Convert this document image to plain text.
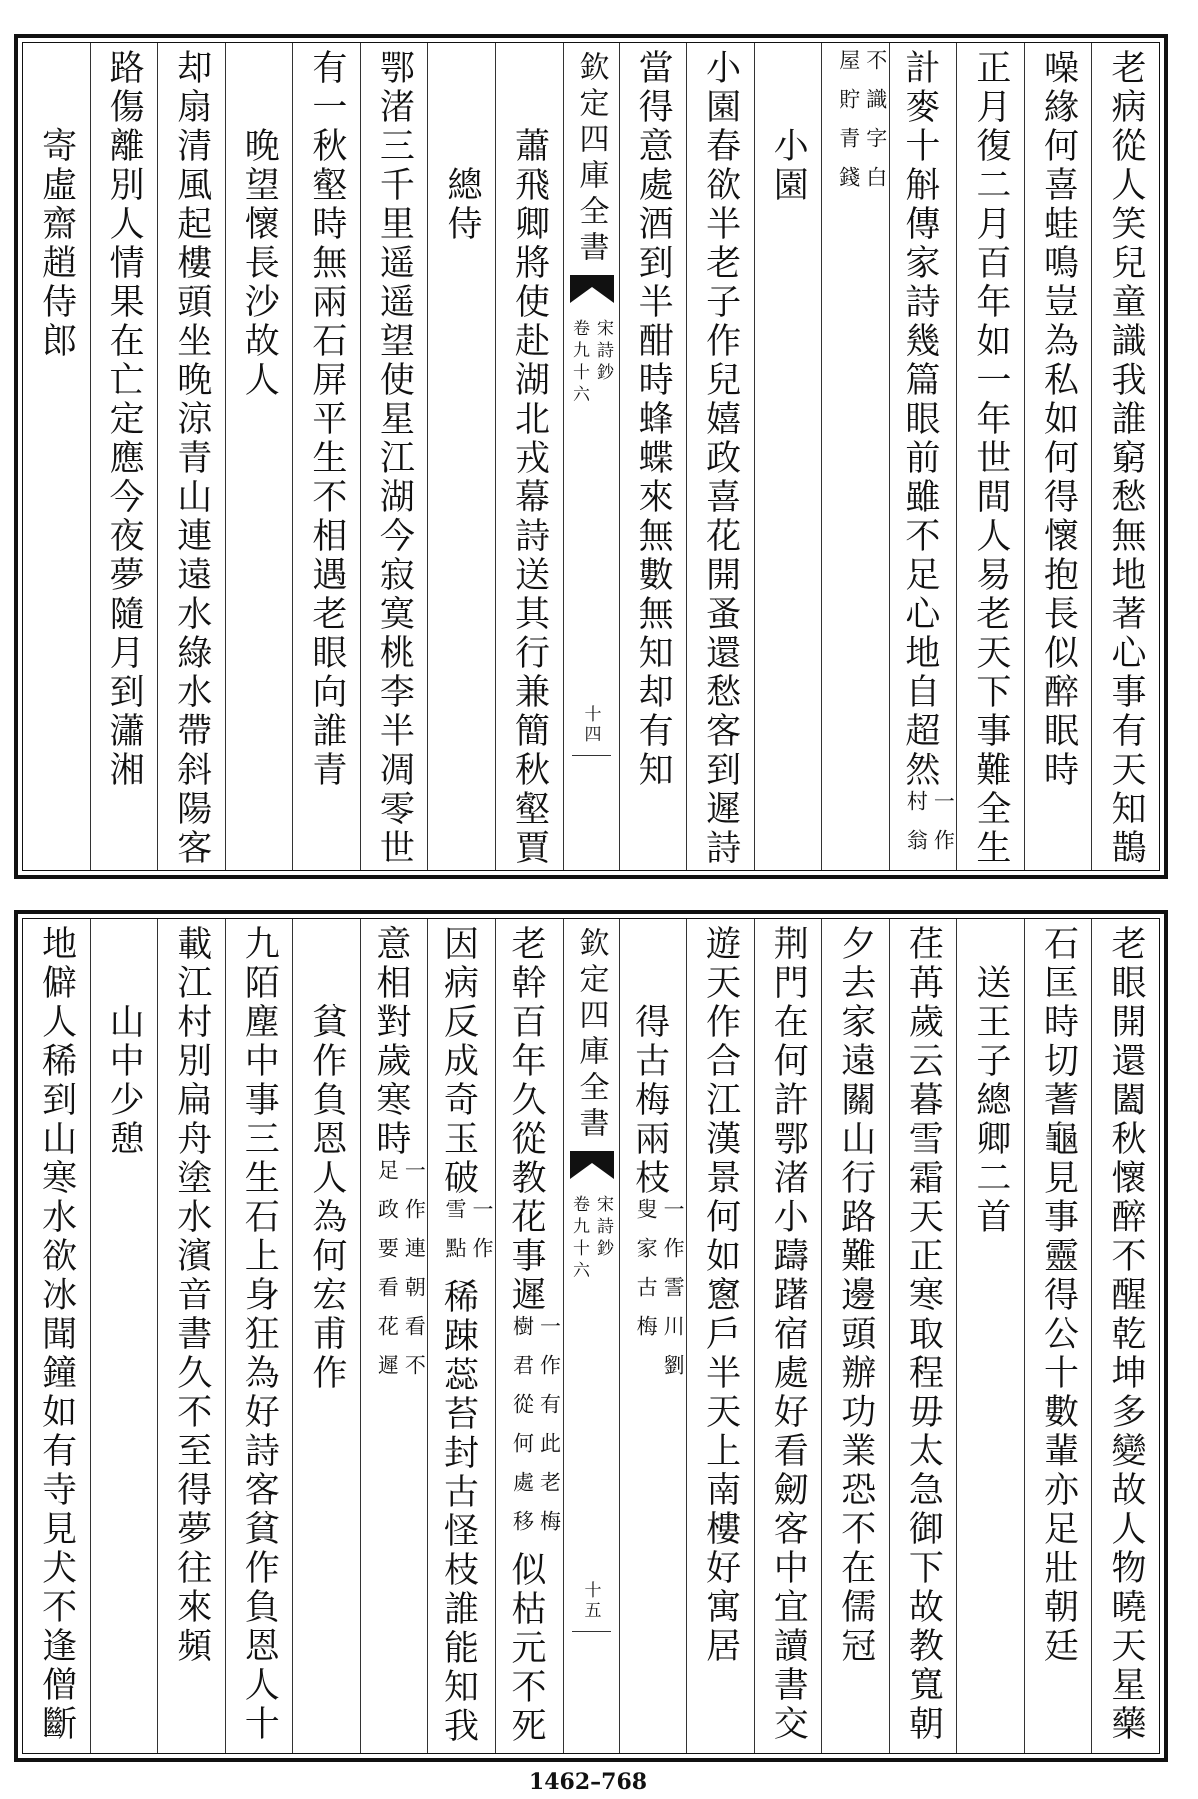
老病從人笑兒童識我誰窮愁無地著心事有天知鵲
噪緣何喜蛙鳴豈為私如何得懷抱長似醉眠時
正月復二月百年如一年世間人易老天下事難全生
計麥十斛傳家詩幾篇眼前雖不足心地自超然一作村翁
不識字白屋貯青錢
小園
小園春欲半老子作兒嬉政喜花開蚤還愁客到遲詩
當得意處酒到半酣時蜂蝶來無數無知却有知
欽定四庫全書
宋詩鈔
卷九十六
十四
蕭飛卿將使赴湖北戎幕詩送其行兼簡秋壑賈
總侍
鄂渚三千里遥遥望使星江湖今寂寞桃李半凋零世
有一秋壑時無兩石屏平生不相遇老眼向誰青
晚望懷長沙故人
却扇清風起樓頭坐晚涼青山連遠水綠水帶斜陽客
路傷離別人情果在亡定應今夜夢隨月到瀟湘
寄虛齋趙侍郎
老眼開還闔秋懷醉不醒乾坤多變故人物曉天星藥
石匡時切蓍龜見事靈得公十數輩亦足壯朝廷
送王子總卿二首
荏苒歲云暮雪霜天正寒取程毋太急御下故教寬朝
夕去家遠關山行路難邊頭辦功業恐不在儒冠
荆門在何許鄂渚小躊躇宿處好看劒客中宜讀書交
遊天作合江漢景何如窻戶半天上南樓好寓居
得古梅兩枝一作霅川劉叟家古梅
欽定四庫全書
宋詩鈔
卷九十六
十五
老幹百年久從教花事遲一作有此老梅樹君從何處移似枯元不死
因病反成奇玉破一作雪點稀踈蕊苔封古怪枝誰能知我
意相對歲寒時一作連朝看不足政要看花遲
貧作負恩人為何宏甫作
九陌塵中事三生石上身狂為好詩客貧作負恩人十
載江村別扁舟塗水濱音書久不至得夢往來頻
山中少憩
地僻人稀到山寒水欲冰聞鐘如有寺見犬不逢僧斷
1462–768
